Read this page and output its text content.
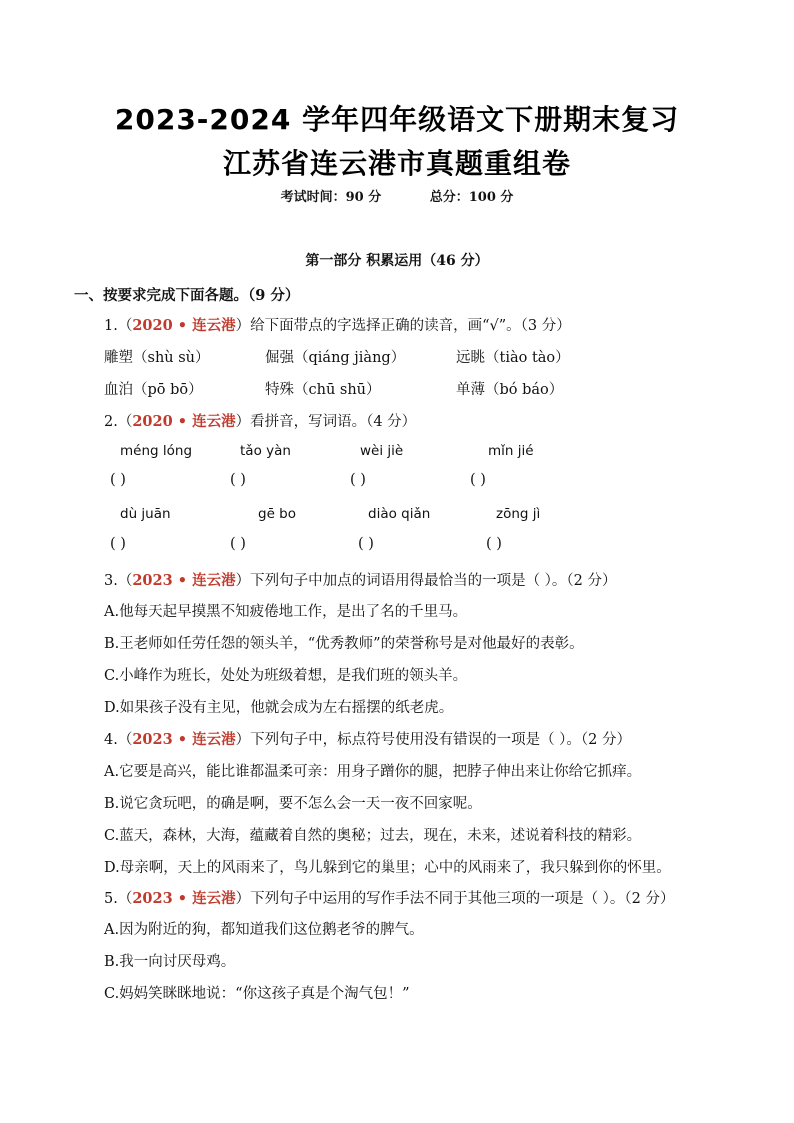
2023-2024 学年四年级语文下册期末复习
江苏省连云港市真题重组卷
考试时间：90 分	总分：100 分
第一部分 积累运用（46 分）
一、按要求完成下面各题。（9 分）
1.（2020 • 连云港）给下面带点的字选择正确的读音，画“√”。（3 分）
雕塑（shù sù）	倔强（qiáng jiàng）	远眺（tiào tào）
血泊（pō bō）	特殊（chū shū）	单薄（bó báo）
2.（2020 • 连云港）看拼音，写词语。（4 分）
méng lóng	tǎo yàn	wèi jiè	mǐn jié
( )	( )	( )	( )
dù juān	gē bo	diào qiǎn	zōng jì
( )	( )	( )	( )
3.（2023 • 连云港）下列句子中加点的词语用得最恰当的一项是（ ）。（2 分）
A.他每天起早摸黑不知疲倦地工作，是出了名的千里马。
B.王老师如任劳任怨的领头羊，“优秀教师”的荣誉称号是对他最好的表彰。
C.小峰作为班长，处处为班级着想，是我们班的领头羊。
D.如果孩子没有主见，他就会成为左右摇摆的纸老虎。
4.（2023 • 连云港）下列句子中，标点符号使用没有错误的一项是（ ）。（2 分）
A.它要是高兴，能比谁都温柔可亲：用身子蹭你的腿，把脖子伸出来让你给它抓痒。
B.说它贪玩吧，的确是啊，要不怎么会一天一夜不回家呢。
C.蓝天，森林，大海，蕴藏着自然的奥秘；过去，现在，未来，述说着科技的精彩。
D.母亲啊，天上的风雨来了，鸟儿躲到它的巢里；心中的风雨来了，我只躲到你的怀里。
5.（2023 • 连云港）下列句子中运用的写作手法不同于其他三项的一项是（ ）。（2 分）
A.因为附近的狗，都知道我们这位鹅老爷的脾气。
B.我一向讨厌母鸡。
C.妈妈笑眯眯地说：“你这孩子真是个淘气包！”
